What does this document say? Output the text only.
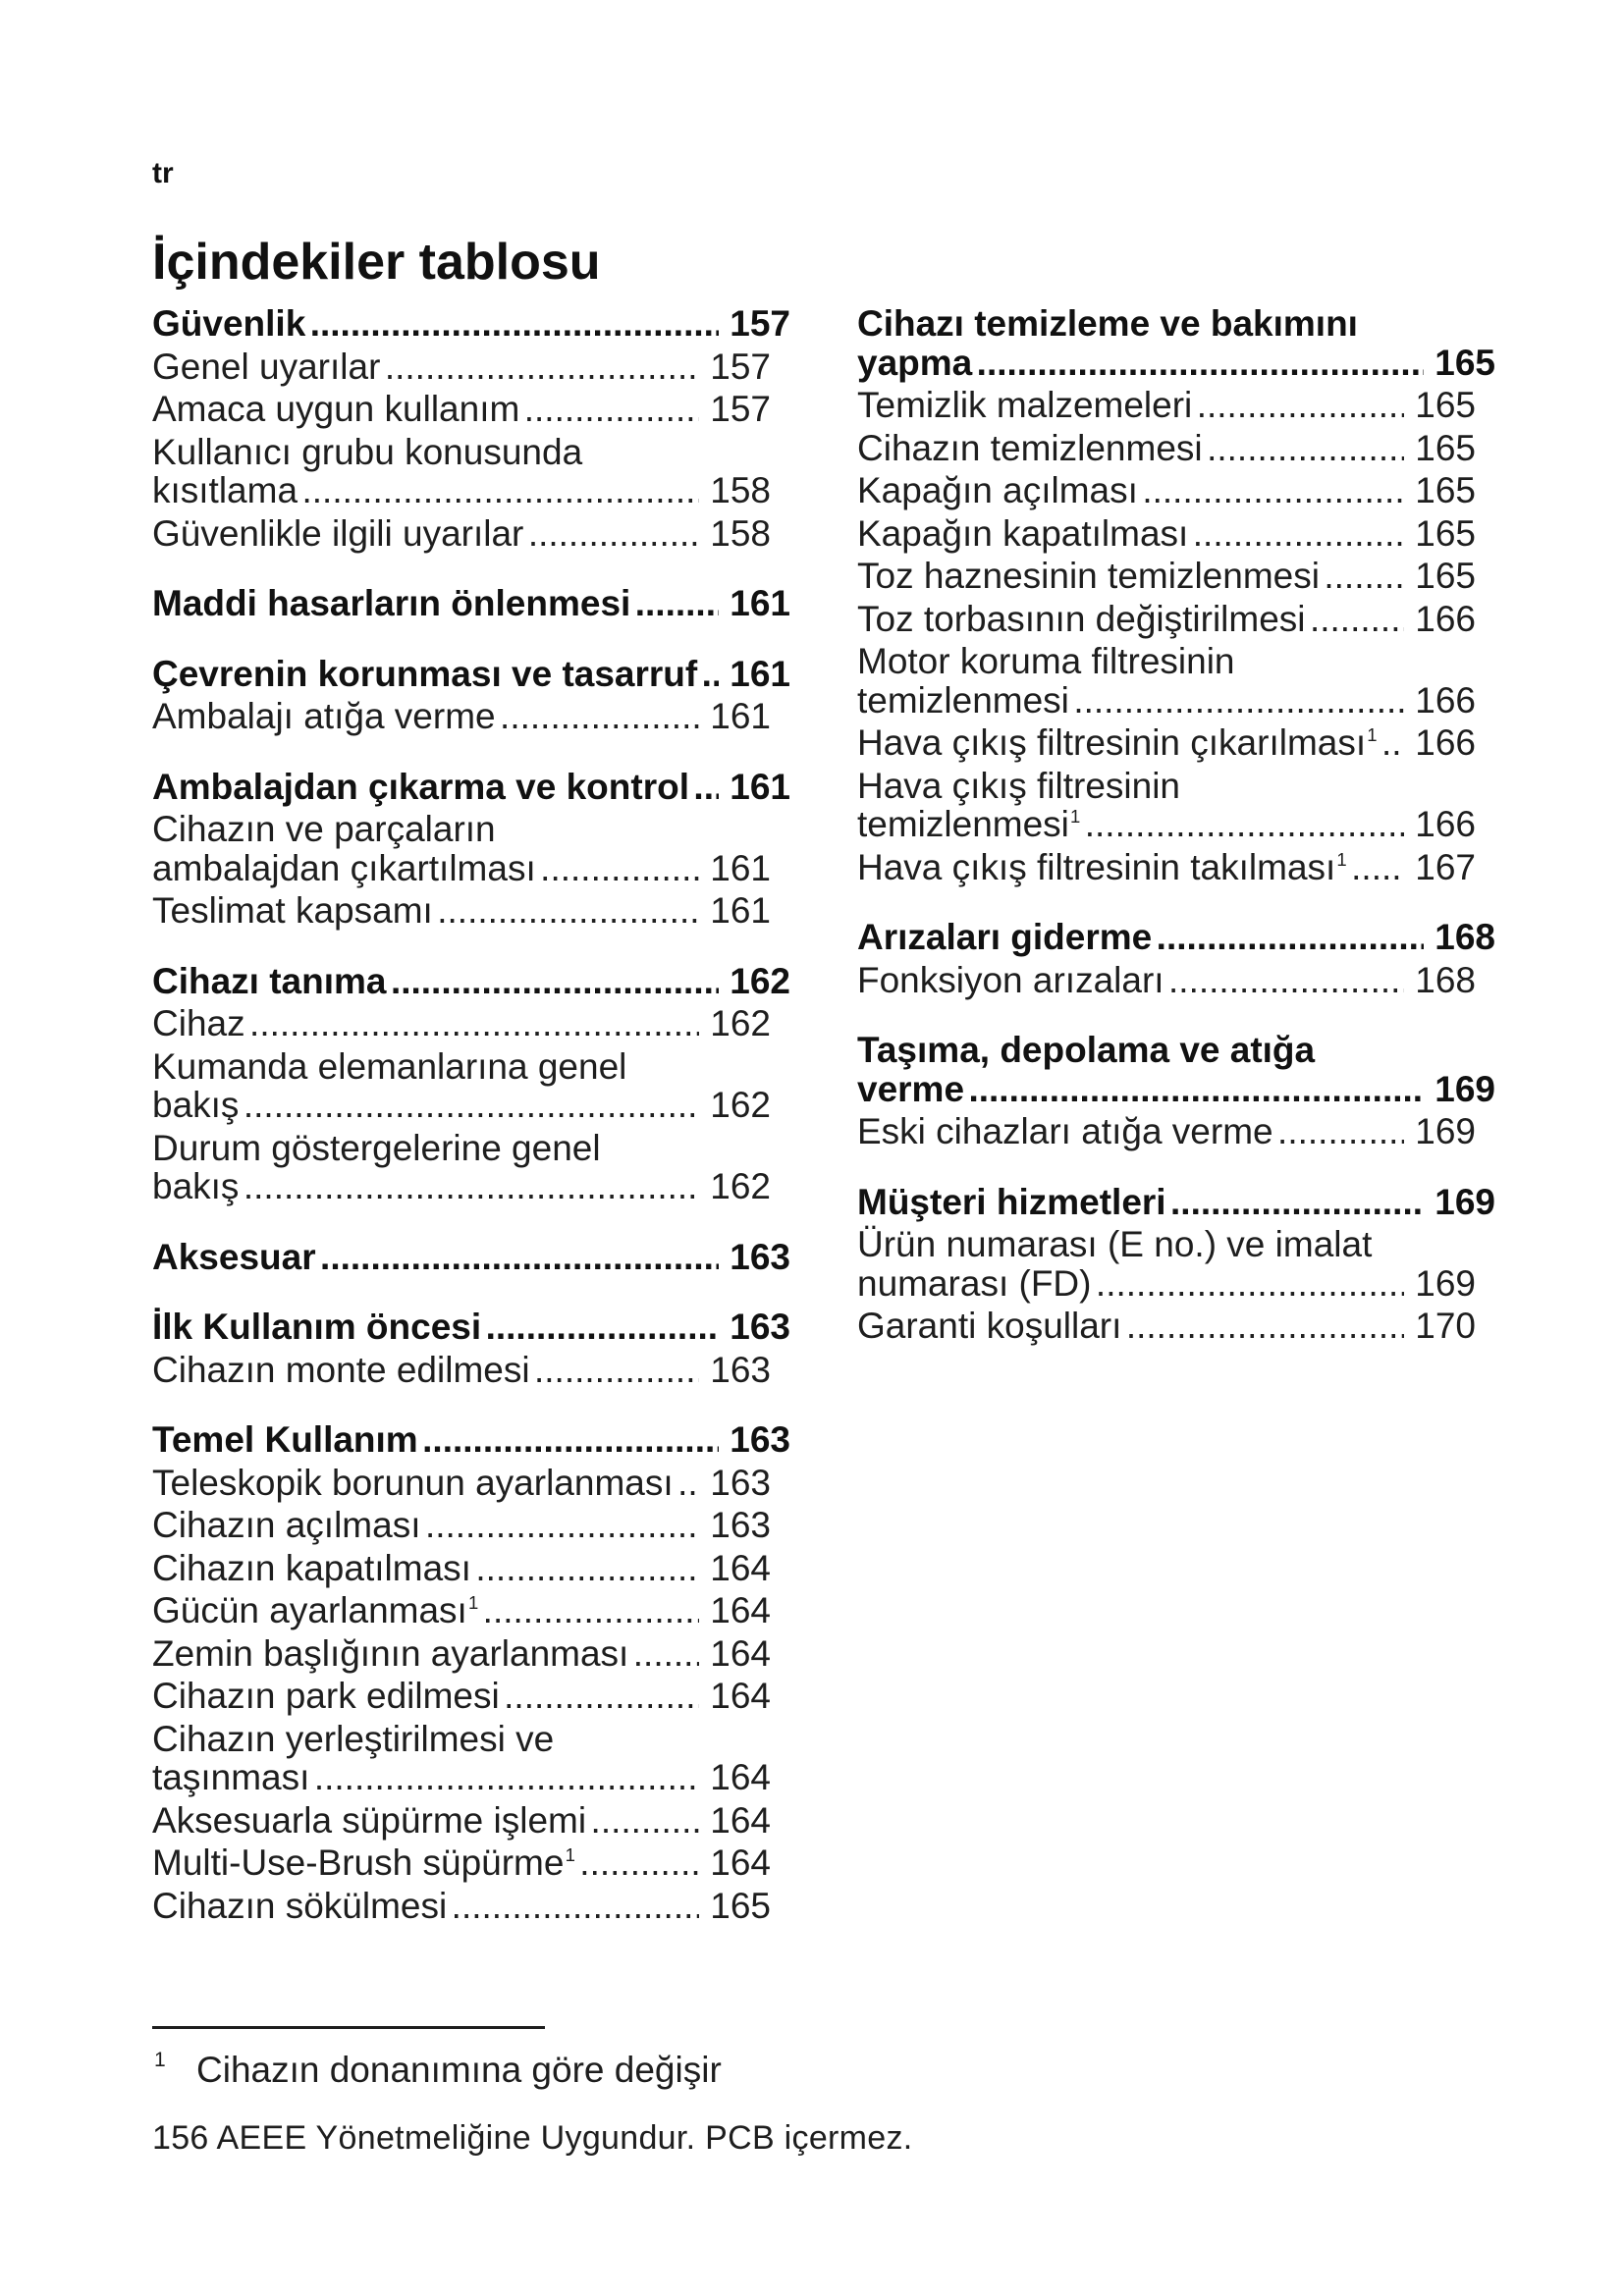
tr
İçindekiler tablosu
Güvenlik .....	157
Genel uyarılar .....	157
Amaca uygun kullanım .....	157
Kullanıcı grubu konusunda
kısıtlama .....	158
Güvenlikle ilgili uyarılar .....	158
Maddi hasarların önlenmesi .....	161
Çevrenin korunması ve tasarruf ..... 161
Ambalajı atığa verme .....	161
Ambalajdan çıkarma ve kontrol ..... 161
Cihazın ve parçaların
ambalajdan çıkartılması .....	161
Teslimat kapsamı .....	161
Cihazı tanıma .....	162
Cihaz .....	162
Kumanda elemanlarına genel
bakış .....	162
Durum göstergelerine genel
bakış .....	162
Aksesuar .....	163
İlk Kullanım öncesi .....	163
Cihazın monte edilmesi .....	163
Temel Kullanım .....	163
Teleskopik borunun ayarlanması ..... 163
Cihazın açılması .....	163
Cihazın kapatılması .....	164
Gücün ayarlanması$^1$ .....	164
Zemin başlığının ayarlanması ..... 164
Cihazın park edilmesi .....	164
Cihazın yerleştirilmesi ve
taşınması .....	164
Aksesuarla süpürme işlemi .....	164
Multi-Use-Brush süpürme$^1$ .....	164
Cihazın sökülmesi .....	165
Cihazı temizleme ve bakımını
yapma .....	165
Temizlik malzemeleri .....	165
Cihazın temizlenmesi .....	165
Kapağın açılması .....	165
Kapağın kapatılması .....	165
Toz haznesinin temizlenmesi .....	165
Toz torbasının değiştirilmesi .....	166
Motor koruma filtresinin
temizlenmesi .....	166
Hava çıkış filtresinin çıkarılması$^1$ ..... 166
Hava çıkış filtresinin
temizlenmesi$^1$ .....	166
Hava çıkış filtresinin takılması$^1$ ..... 167
Arızaları giderme .....	168
Fonksiyon arızaları .....	168
Taşıma, depolama ve atığa
verme .....	169
Eski cihazları atığa verme .....	169
Müşteri hizmetleri .....	169
Ürün numarası (E no.) ve imalat
numarası (FD) .....	169
Garanti koşulları .....	170
1 Cihazın donanımına göre değişir
156 AEEE Yönetmeliğine Uygundur. PCB içermez.
